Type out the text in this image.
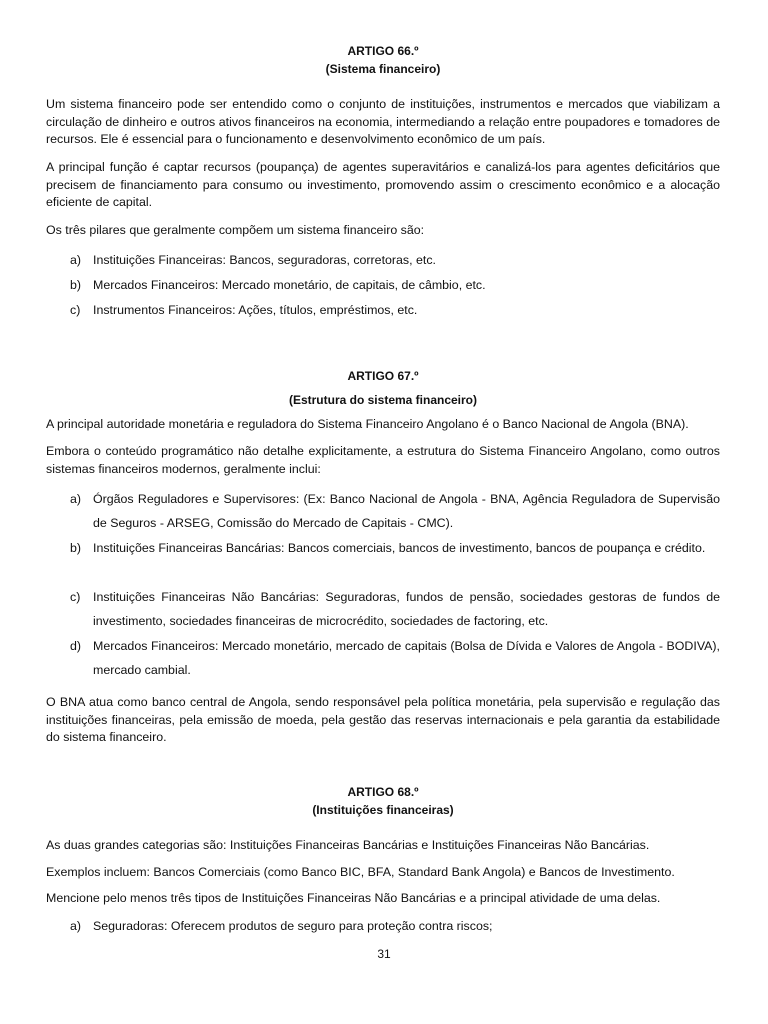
ARTIGO 66.º
(Sistema financeiro)

Um sistema financeiro pode ser entendido como o conjunto de instituições, instrumentos e mercados que viabilizam a circulação de dinheiro e outros ativos financeiros na economia, intermediando a relação entre poupadores e tomadores de recursos. Ele é essencial para o funcionamento e desenvolvimento econômico de um país.

A principal função é captar recursos (poupança) de agentes superavitários e canalizá-los para agentes deficitários que precisem de financiamento para consumo ou investimento, promovendo assim o crescimento econômico e a alocação eficiente de capital.

Os três pilares que geralmente compõem um sistema financeiro são:

a) Instituições Financeiras: Bancos, seguradoras, corretoras, etc.
b) Mercados Financeiros: Mercado monetário, de capitais, de câmbio, etc.
c)	Instrumentos Financeiros: Ações, títulos, empréstimos, etc.
ARTIGO 67.º
(Estrutura do sistema financeiro)

A principal autoridade monetária e reguladora do Sistema Financeiro Angolano é o Banco Nacional de Angola (BNA).

Embora o conteúdo programático não detalhe explicitamente, a estrutura do Sistema Financeiro Angolano, como outros sistemas financeiros modernos, geralmente inclui:

a) Órgãos Reguladores e Supervisores: (Ex: Banco Nacional de Angola - BNA, Agência Reguladora de Supervisão de Seguros - ARSEG, Comissão do Mercado de Capitais - CMC).
b) Instituições Financeiras Bancárias: Bancos comerciais, bancos de investimento, bancos de poupança e crédito.
c)	Instituições Financeiras Não Bancárias: Seguradoras, fundos de pensão, sociedades gestoras de fundos de investimento, sociedades financeiras de microcrédito, sociedades de factoring, etc.
d) Mercados Financeiros: Mercado monetário, mercado de capitais (Bolsa de Dívida e Valores de Angola - BODIVA), mercado cambial.

O BNA atua como banco central de Angola, sendo responsável pela política monetária, pela supervisão e regulação das instituições financeiras, pela emissão de moeda, pela gestão das reservas internacionais e pela garantia da estabilidade do sistema financeiro.

ARTIGO 68.º
(Instituições financeiras)

As duas grandes categorias são: Instituições Financeiras Bancárias e Instituições Financeiras Não Bancárias.

Exemplos incluem: Bancos Comerciais (como Banco BIC, BFA, Standard Bank Angola) e Bancos de Investimento.

Mencione pelo menos três tipos de Instituições Financeiras Não Bancárias e a principal atividade de uma delas.

a) Seguradoras: Oferecem produtos de seguro para proteção contra riscos;
31
